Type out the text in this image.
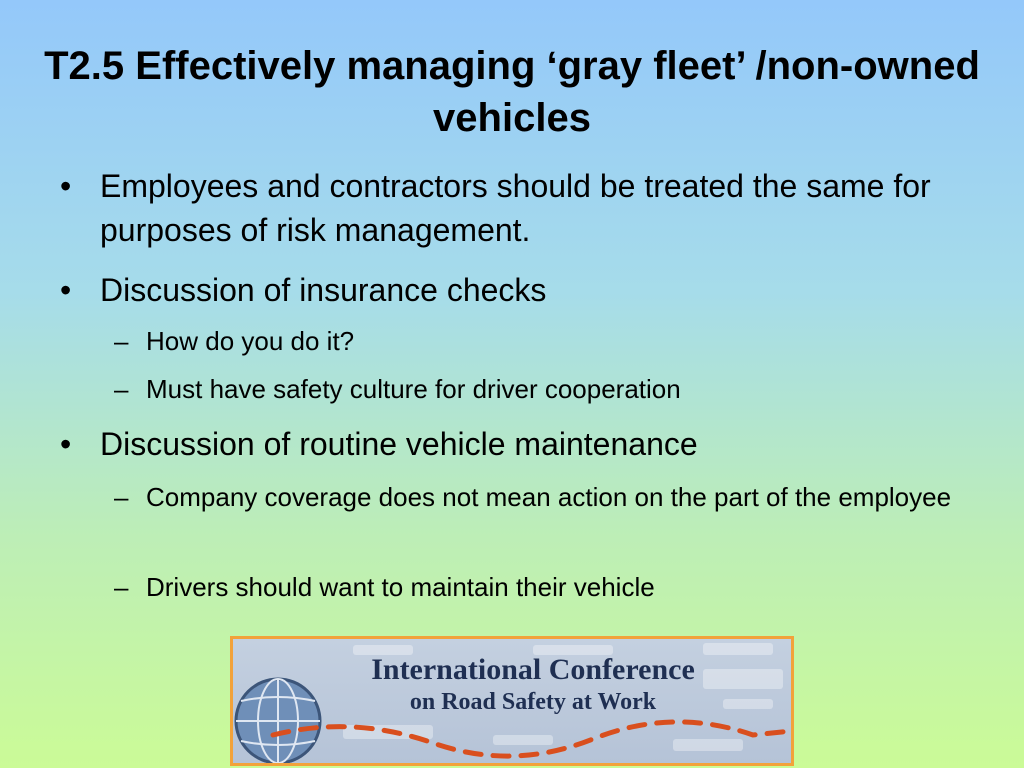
T2.5 Effectively managing ‘gray fleet’ /non-owned vehicles
• Employees and contractors should be treated the same for purposes of risk management.
• Discussion of insurance checks
– How do you do it?
– Must have safety culture for driver cooperation
• Discussion of routine vehicle maintenance
– Company coverage does not mean action on the part of the employee
– Drivers should want to maintain their vehicle
International Conference
on Road Safety at Work
